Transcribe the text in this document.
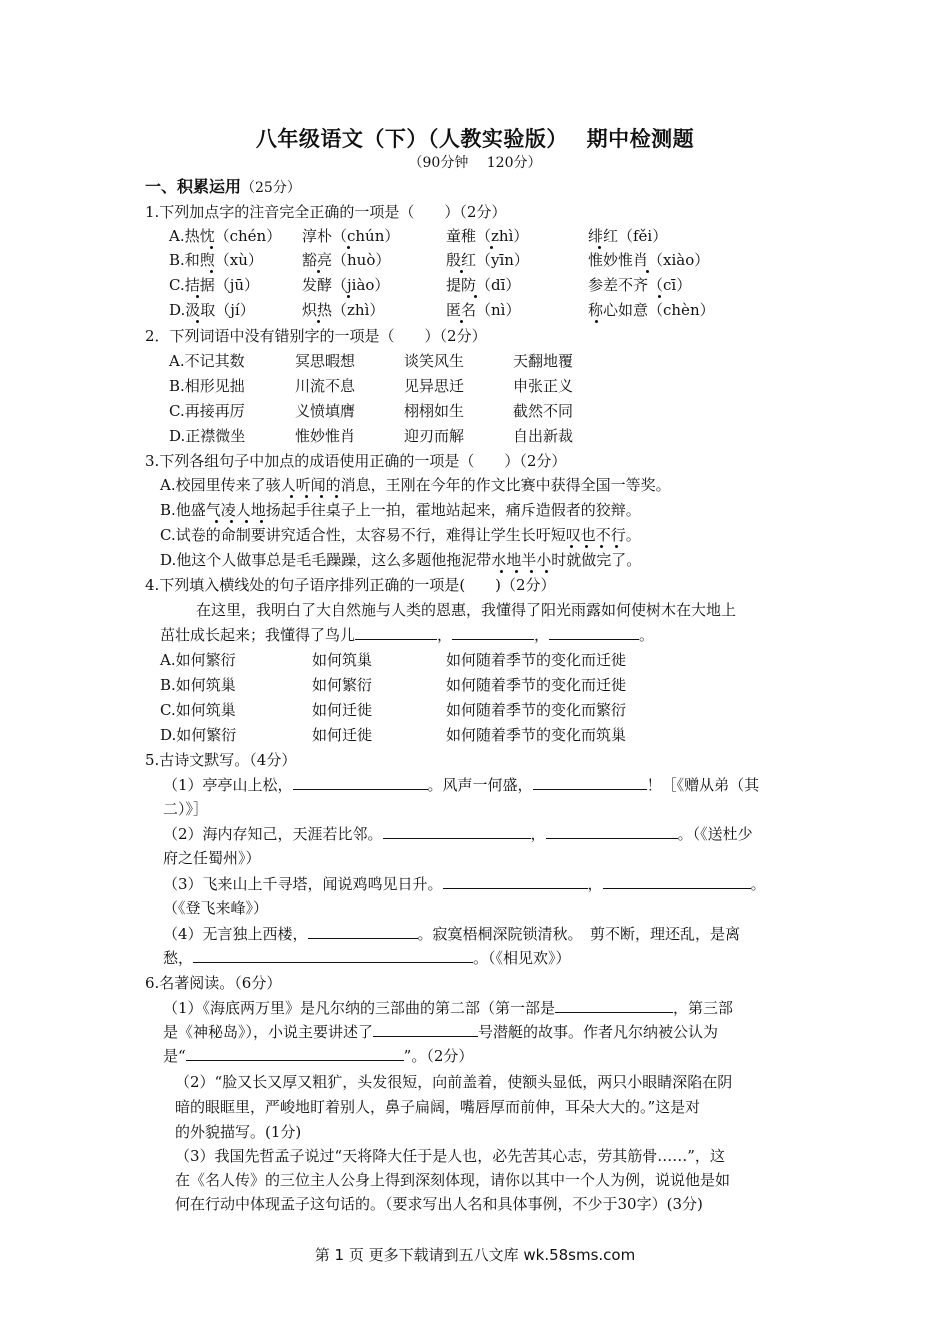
八年级语文（下）（人教实验版）　 期中检测题
（90分钟　 120分）
一、积累运用（25分）
1.下列加点字的注音完全正确的一项是（　　）（2分）
A.热忱（chén） 淳朴（chún）	童稚（zhì）	绯红（fěi）
B.和煦（xù）	豁亮（huò）	殷红（yīn）	惟妙惟肖（xiào）
C.拮据（jū）	发酵（jiào）	提防（dī）	参差不齐（cī）
D.汲取（jí）	炽热（zhì）	匿名（nì）	称心如意（chèn）
2．下列词语中没有错别字的一项是（　　）（2分）
A.不记其数	冥思暇想	谈笑风生	天翻地覆
B.相形见拙	川流不息	见异思迁	申张正义
C.再接再厉	义愤填膺	栩栩如生	截然不同
D.正襟微坐	惟妙惟肖	迎刃而解	自出新裁
3.下列各组句子中加点的成语使用正确的一项是（　　）（2分）
A.校园里传来了骇人听闻的消息，王刚在今年的作文比赛中获得全国一等奖。
B.他盛气凌人地扬起手往桌子上一拍，霍地站起来，痛斥造假者的狡辩。
C.试卷的命制要讲究适合性，太容易不行，难得让学生长吁短叹也不行。
D.他这个人做事总是毛毛躁躁，这么多题他拖泥带水地半小时就做完了。
4.下列填入横线处的句子语序排列正确的一项是(　　)（2分）
在这里，我明白了大自然施与人类的恩惠，我懂得了阳光雨露如何使树木在大地上
茁壮成长起来；我懂得了鸟儿	，	，	。
A.如何繁衍	如何筑巢	如何随着季节的变化而迁徙
B.如何筑巢	如何繁衍	如何随着季节的变化而迁徙
C.如何筑巢	如何迁徙	如何随着季节的变化而繁衍
D.如何繁衍	如何迁徙	如何随着季节的变化而筑巢
5.古诗文默写。（4分）
（1）亭亭山上松，	。风声一何盛，	！［《赠从弟（其
二）》］
（2）海内存知己，天涯若比邻。	，	。（《送杜少
府之任蜀州》）
（3）飞来山上千寻塔，闻说鸡鸣见日升。	，	。
（《登飞来峰》）
（4）无言独上西楼，	。寂寞梧桐深院锁清秋。　剪不断，理还乱，是离
愁，	。（《相见欢》）
6.名著阅读。（6分）
（1）《海底两万里》是凡尔纳的三部曲的第二部（第一部是	，第三部
是《神秘岛》），小说主要讲述了	号潜艇的故事。作者凡尔纳被公认为
是“	”。（2分）
（2）“脸又长又厚又粗犷，头发很短，向前盖着，使额头显低，两只小眼睛深陷在阴
暗的眼眶里，严峻地盯着别人，鼻子扁阔，嘴唇厚而前伸，耳朵大大的。”这是对
的外貌描写。(1分)
（3）我国先哲孟子说过“天将降大任于是人也，必先苦其心志，劳其筋骨……”，这
在《名人传》的三位主人公身上得到深刻体现，请你以其中一个人为例，说说他是如
何在行动中体现孟子这句话的。（要求写出人名和具体事例，不少于30字）(3分)
第 1 页 更多下载请到五八文库 wk.58sms.com
